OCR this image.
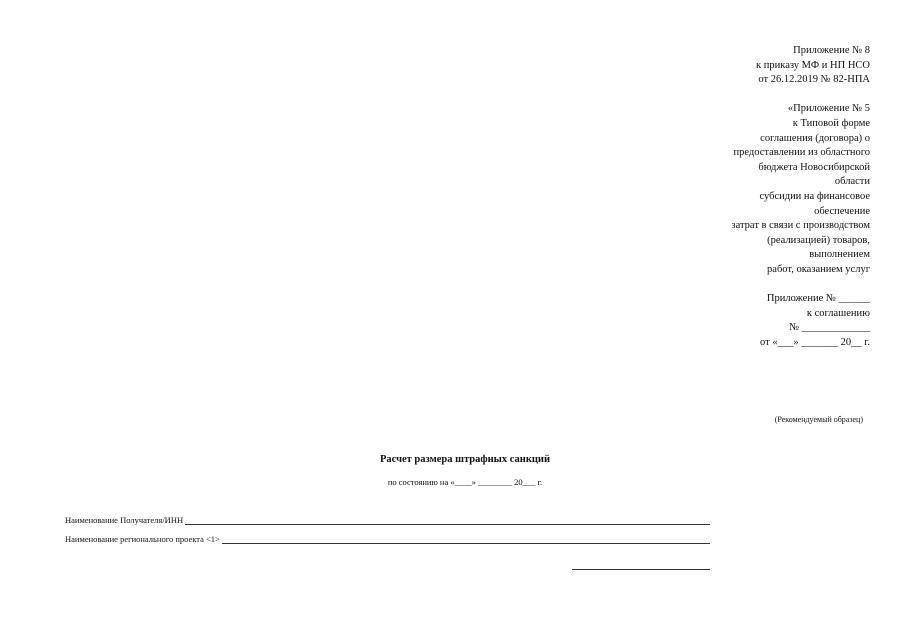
Приложение № 8
к приказу МФ и НП НСО
от 26.12.2019 № 82-НПА
«Приложение № 5
к Типовой форме
соглашения (договора) о
предоставлении из областного
бюджета Новосибирской
области
субсидии на финансовое
обеспечение
затрат в связи с производством
(реализацией) товаров,
выполнением
работ, оказанием услуг
Приложение № ______
к соглашению
№ _____________
от «___» _______ 20__ г.
(Рекомендуемый образец)
Расчет размера штрафных санкций
по состоянию на «____» ________ 20___ г.
Наименование Получателя/ИНН
Наименование регионального проекта <1>
